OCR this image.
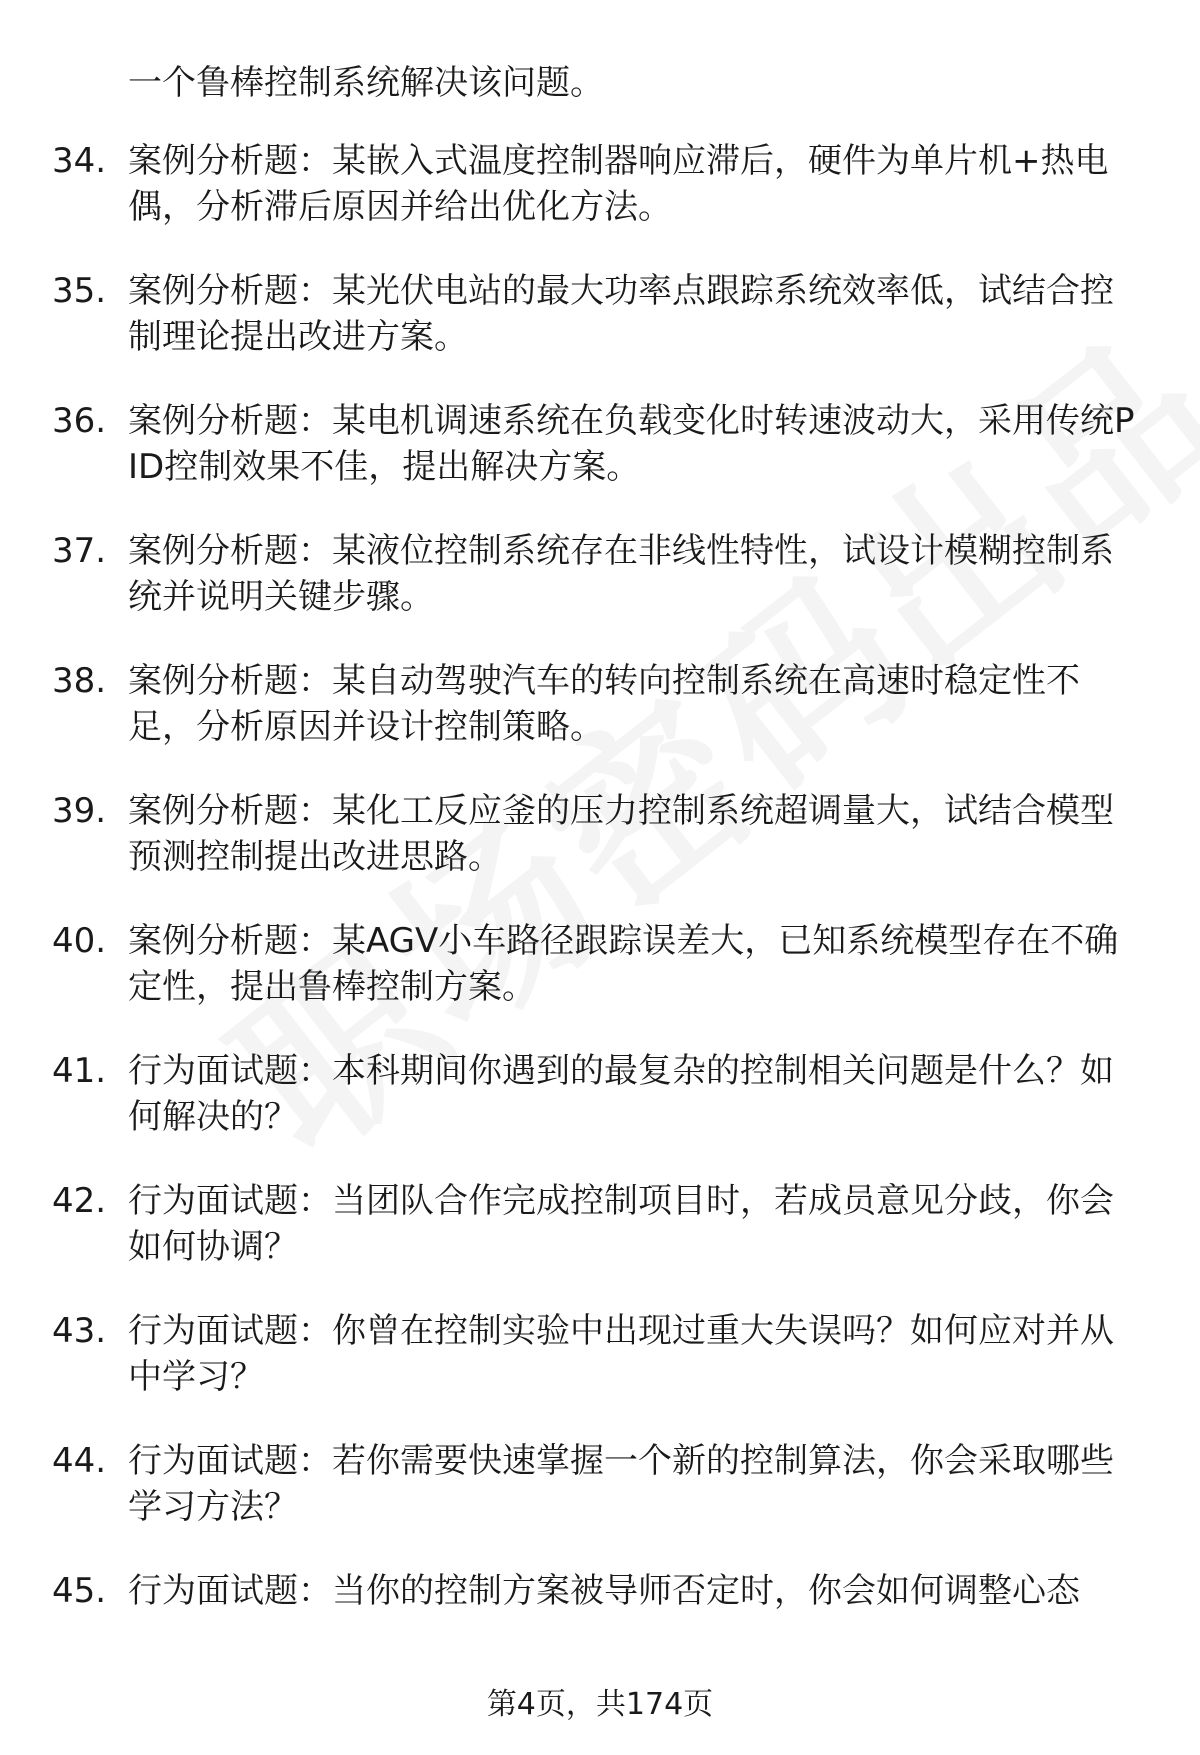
一个鲁棒控制系统解决该问题。
34. 案例分析题：某嵌入式温度控制器响应滞后，硬件为单片机+热电偶，分析滞后原因并给出优化方法。
35. 案例分析题：某光伏电站的最大功率点跟踪系统效率低，试结合控制理论提出改进方案。
36. 案例分析题：某电机调速系统在负载变化时转速波动大，采用传统PID控制效果不佳，提出解决方案。
37. 案例分析题：某液位控制系统存在非线性特性，试设计模糊控制系统并说明关键步骤。
38. 案例分析题：某自动驾驶汽车的转向控制系统在高速时稳定性不足，分析原因并设计控制策略。
39. 案例分析题：某化工反应釜的压力控制系统超调量大，试结合模型预测控制提出改进思路。
40. 案例分析题：某AGV小车路径跟踪误差大，已知系统模型存在不确定性，提出鲁棒控制方案。
41. 行为面试题：本科期间你遇到的最复杂的控制相关问题是什么？如何解决的？
42. 行为面试题：当团队合作完成控制项目时，若成员意见分歧，你会如何协调？
43. 行为面试题：你曾在控制实验中出现过重大失误吗？如何应对并从中学习？
44. 行为面试题：若你需要快速掌握一个新的控制算法，你会采取哪些学习方法？
45. 行为面试题：当你的控制方案被导师否定时，你会如何调整心态
第4页，共174页
